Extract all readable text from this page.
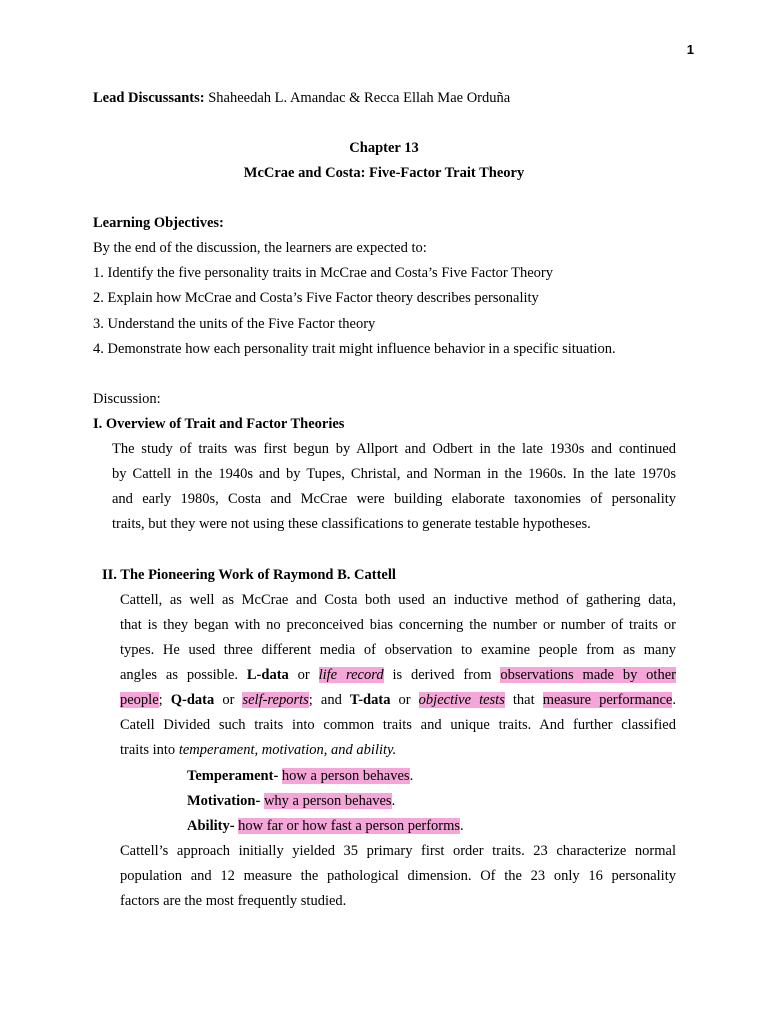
1
Lead Discussants: Shaheedah L. Amandac & Recca Ellah Mae Orduña
Chapter 13
McCrae and Costa: Five-Factor Trait Theory
Learning Objectives:
By the end of the discussion, the learners are expected to:
1. Identify the five personality traits in McCrae and Costa’s Five Factor Theory
2. Explain how McCrae and Costa’s Five Factor theory describes personality
3. Understand the units of the Five Factor theory
4. Demonstrate how each personality trait might influence behavior in a specific situation.
Discussion:
I. Overview of Trait and Factor Theories
The study of traits was first begun by Allport and Odbert in the late 1930s and continued
by Cattell in the 1940s and by Tupes, Christal, and Norman in the 1960s. In the late 1970s
and early 1980s, Costa and McCrae were building elaborate taxonomies of personality
traits, but they were not using these classifications to generate testable hypotheses.
II. The Pioneering Work of Raymond B. Cattell
Cattell, as well as McCrae and Costa both used an inductive method of gathering data,
that is they began with no preconceived bias concerning the number or number of traits or
types. He used three different media of observation to examine people from as many
angles as possible. L-data or life record is derived from observations made by other
people; Q-data or self-reports; and T-data or objective tests that measure performance.
Catell Divided such traits into common traits and unique traits. And further classified
traits into temperament, motivation, and ability.
Temperament- how a person behaves.
Motivation- why a person behaves.
Ability- how far or how fast a person performs.
Cattell’s approach initially yielded 35 primary first order traits. 23 characterize normal
population and 12 measure the pathological dimension. Of the 23 only 16 personality
factors are the most frequently studied.
